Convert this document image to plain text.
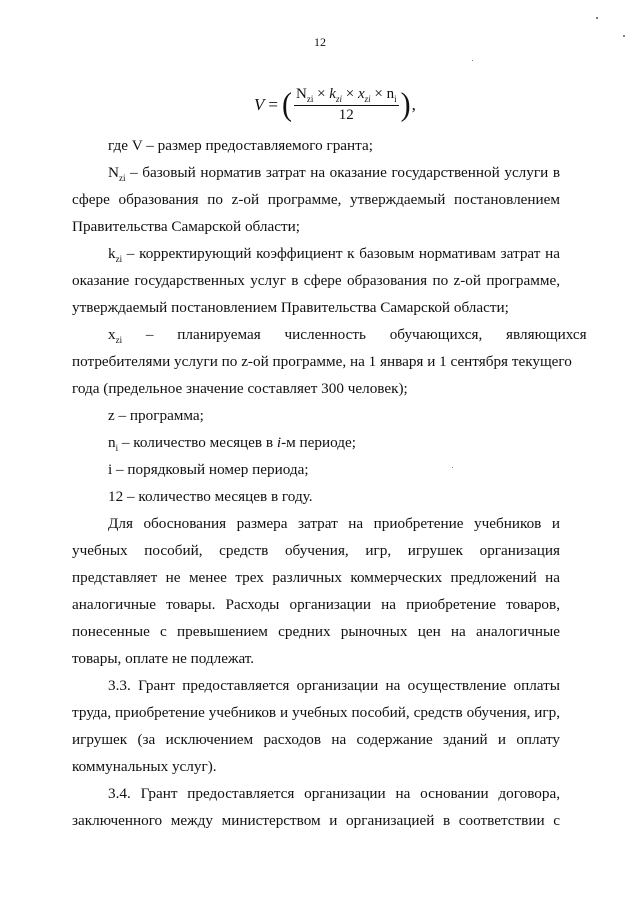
12
V = ( $\frac{N_{zi} \times k_{zi} \times x_{zi} \times n_i}{12}$ ) ,
где V – размер предоставляемого гранта;
$N_{zi}$ – базовый норматив затрат на оказание государственной услуги в
сфере образования по z-ой программе, утверждаемый постановлением
Правительства Самарской области;
$k_{zi}$ – корректирующий коэффициент к базовым нормативам затрат на
оказание государственных услуг в сфере образования по z-ой программе,
утверждаемый постановлением Правительства Самарской области;
$x_{zi}$ – планируемая численность обучающихся, являющихся
потребителями услуги по z-ой программе, на 1 января и 1 сентября текущего
года (предельное значение составляет 300 человек);
z – программа;
$n_i$ – количество месяцев в i-м периоде;
i – порядковый номер периода;
12 – количество месяцев в году.
Для обоснования размера затрат на приобретение учебников и
учебных пособий, средств обучения, игр, игрушек организация
представляет не менее трех различных коммерческих предложений на
аналогичные товары. Расходы организации на приобретение товаров,
понесенные с превышением средних рыночных цен на аналогичные
товары, оплате не подлежат.
3.3. Грант предоставляется организации на осуществление оплаты
труда, приобретение учебников и учебных пособий, средств обучения, игр,
игрушек (за исключением расходов на содержание зданий и оплату
коммунальных услуг).
3.4. Грант предоставляется организации на основании договора,
заключенного между министерством и организацией в соответствии с
